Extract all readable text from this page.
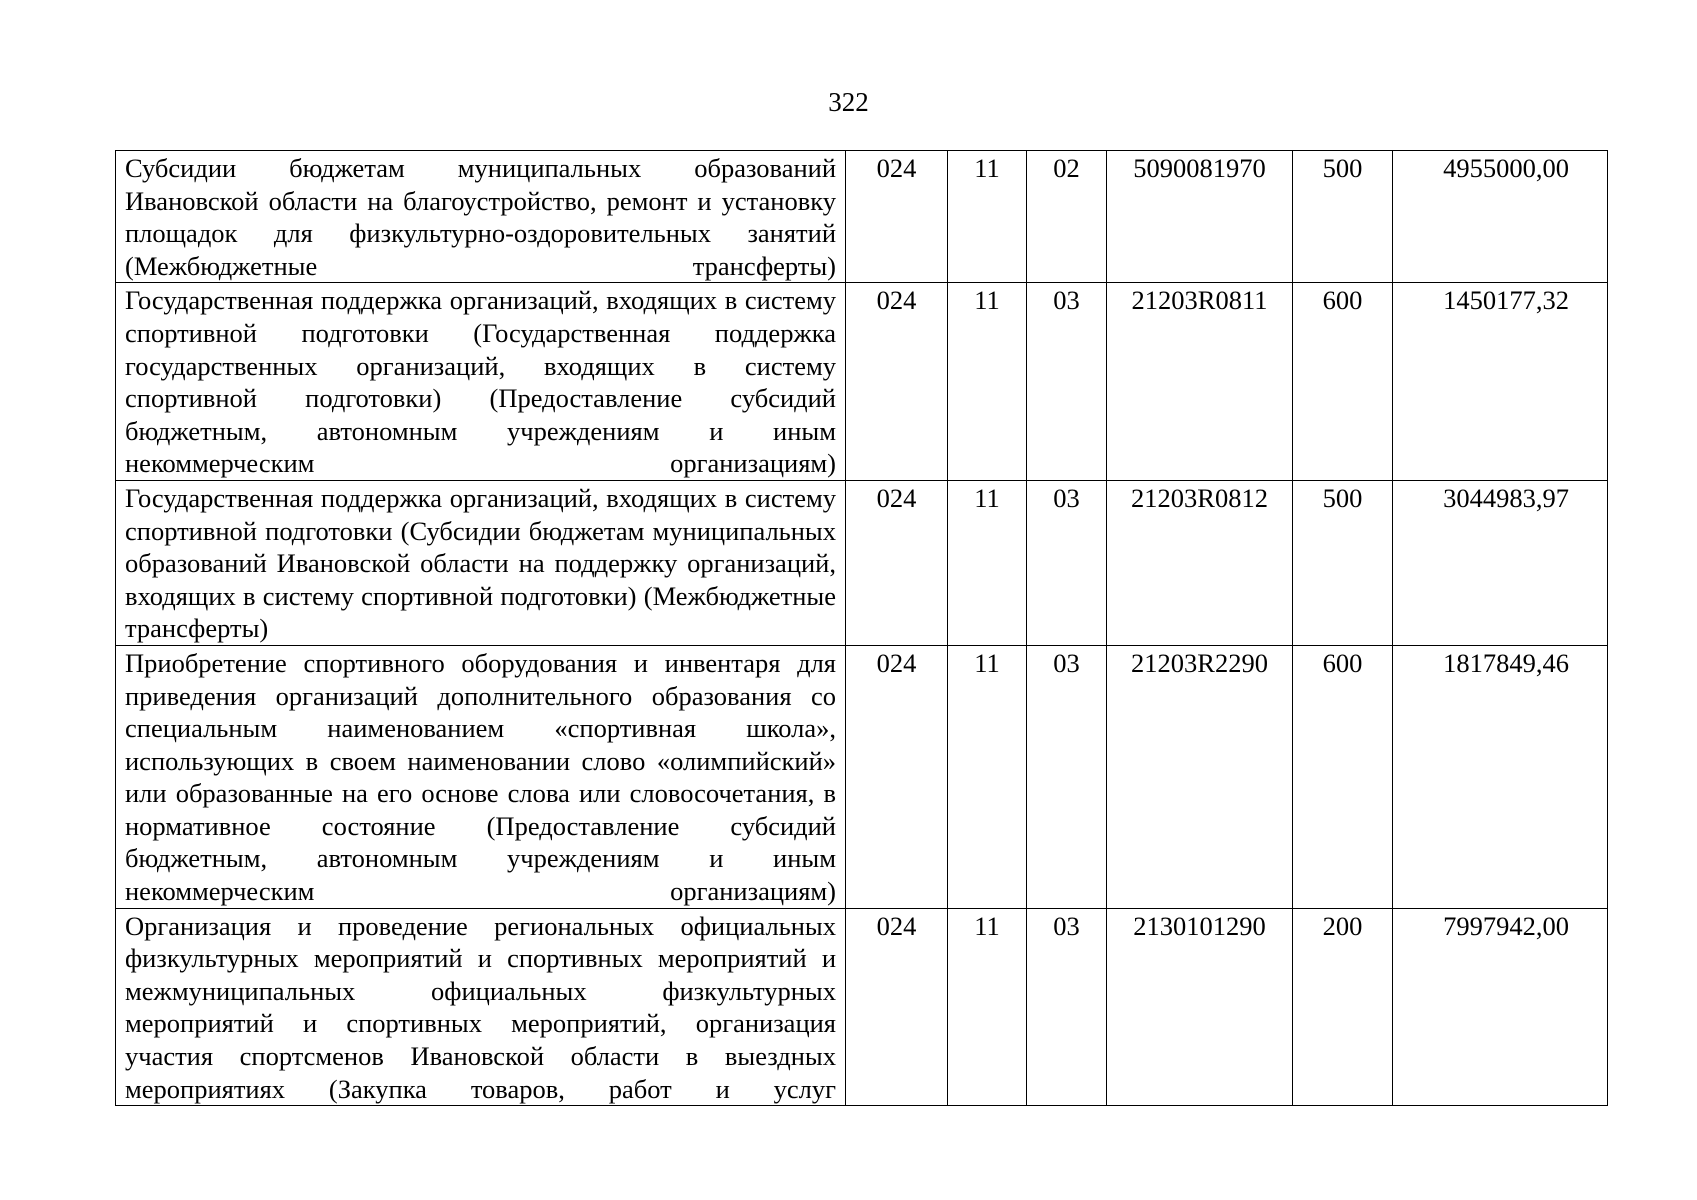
322
Субсидии бюджетам муниципальных образований Ивановской области на благоустройство, ремонт и установку площадок для физкультурно-оздоровительных занятий (Межбюджетные трансферты)	024	11	02	5090081970	500	4955000,00
Государственная поддержка организаций, входящих в систему спортивной подготовки (Государственная поддержка государственных организаций, входящих в систему спортивной подготовки) (Предоставление субсидий бюджетным, автономным учреждениям и иным некоммерческим организациям)	024	11	03	21203R0811	600	1450177,32
Государственная поддержка организаций, входящих в систему спортивной подготовки (Субсидии бюджетам муниципальных образований Ивановской области на поддержку организаций, входящих в систему спортивной подготовки) (Межбюджетные трансферты)	024	11	03	21203R0812	500	3044983,97
Приобретение спортивного оборудования и инвентаря для приведения организаций дополнительного образования со специальным наименованием «спортивная школа», использующих в своем наименовании слово «олимпийский» или образованные на его основе слова или словосочетания, в нормативное состояние (Предоставление субсидий бюджетным, автономным учреждениям и иным некоммерческим организациям)	024	11	03	21203R2290	600	1817849,46
Организация и проведение региональных официальных физкультурных мероприятий и спортивных мероприятий и межмуниципальных официальных физкультурных мероприятий и спортивных мероприятий, организация участия спортсменов Ивановской области в выездных мероприятиях (Закупка товаров, работ и услуг	024	11	03	2130101290	200	7997942,00
